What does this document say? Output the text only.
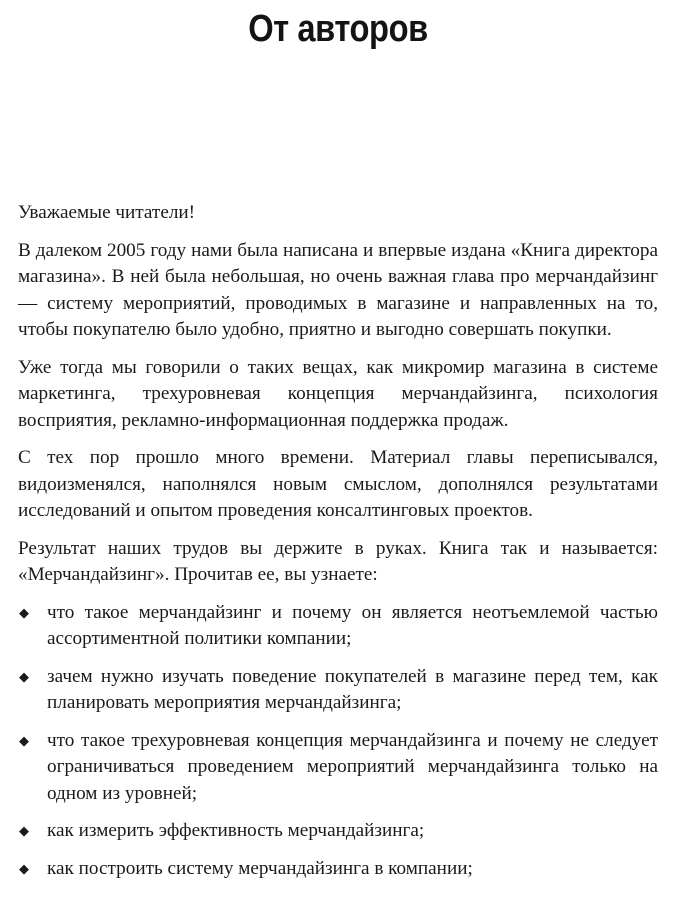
От авторов

Уважаемые читатели!

В далеком 2005 году нами была написана и впервые издана «Книга директора магазина». В ней была небольшая, но очень важная глава про мерчандайзинг — систему мероприятий, проводимых в магазине и направленных на то, чтобы покупателю было удобно, приятно и выгодно совершать покупки.

Уже тогда мы говорили о таких вещах, как микромир магазина в системе маркетинга, трехуровневая концепция мерчандайзинга, психология восприятия, рекламно-информационная поддержка продаж.

С тех пор прошло много времени. Материал главы переписывался, видоизменялся, наполнялся новым смыслом, дополнялся результатами исследований и опытом проведения консалтинговых проектов.

Результат наших трудов вы держите в руках. Книга так и называется: «Мерчандайзинг». Прочитав ее, вы узнаете:

◆ что такое мерчандайзинг и почему он является неотъемлемой частью ассортиментной политики компании;
◆ зачем нужно изучать поведение покупателей в магазине перед тем, как планировать мероприятия мерчандайзинга;
◆ что такое трехуровневая концепция мерчандайзинга и почему не следует ограничиваться проведением мероприятий мерчандайзинга только на одном из уровней;
◆ как измерить эффективность мерчандайзинга;
◆ как построить систему мерчандайзинга в компании;
